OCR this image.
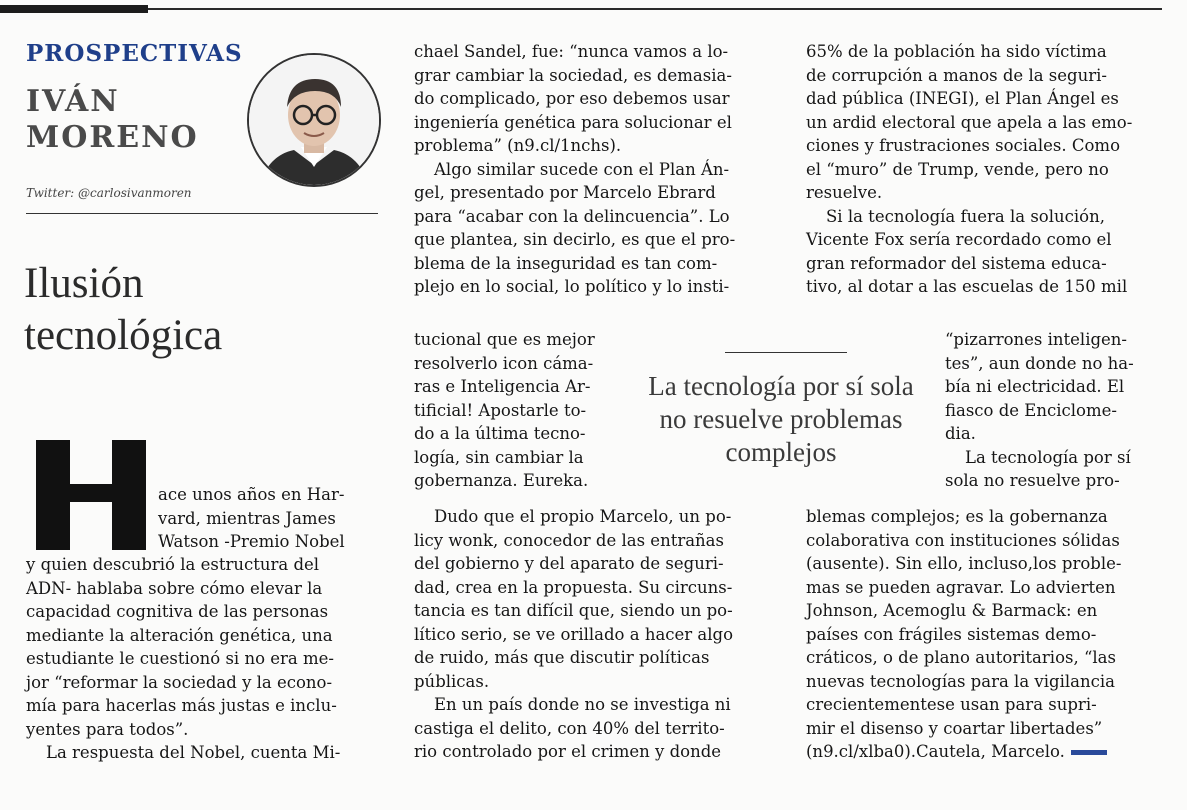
PROSPECTIVAS
IVÁN
MORENO
Twitter: @carlosivanmoren
Ilusión
tecnológica

ace unos años en Har-

vard, mientras James

Watson -Premio Nobel

y quien descubrió la estructura del

ADN- hablaba sobre cómo elevar la

capacidad cognitiva de las personas

mediante la alteración genética, una

estudiante le cuestionó si no era me-

jor “reformar la sociedad y la econo-

mía para hacerlas más justas e inclu-

yentes para todos”.

La respuesta del Nobel, cuenta Mi-

chael Sandel, fue: “nunca vamos a lo-

grar cambiar la sociedad, es demasia-

do complicado, por eso debemos usar

ingeniería genética para solucionar el

problema” (n9.cl/1nchs).

Algo similar sucede con el Plan Án-

gel, presentado por Marcelo Ebrard

para “acabar con la delincuencia”. Lo

que plantea, sin decirlo, es que el pro-

blema de la inseguridad es tan com-

plejo en lo social, lo político y lo insti-

tucional que es mejor

resolverlo icon cáma-

ras e Inteligencia Ar-

tificial! Apostarle to-

do a la última tecno-

logía, sin cambiar la

gobernanza. Eureka.

Dudo que el propio Marcelo, un po-

licy wonk, conocedor de las entrañas

del gobierno y del aparato de seguri-

dad, crea en la propuesta. Su circuns-

tancia es tan difícil que, siendo un po-

lítico serio, se ve orillado a hacer algo

de ruido, más que discutir políticas

públicas.

En un país donde no se investiga ni

castiga el delito, con 40% del territo-

rio controlado por el crimen y donde

La tecnología por sí sola
no resuelve problemas
complejos

65% de la población ha sido víctima

de corrupción a manos de la seguri-

dad pública (INEGI), el Plan Ángel es

un ardid electoral que apela a las emo-

ciones y frustraciones sociales. Como

el “muro” de Trump, vende, pero no

resuelve.

Si la tecnología fuera la solución,

Vicente Fox sería recordado como el

gran reformador del sistema educa-

tivo, al dotar a las escuelas de 150 mil

“pizarrones inteligen-

tes”, aun donde no ha-

bía ni electricidad. El

fiasco de Enciclome-

dia.

La tecnología por sí

sola no resuelve pro-

blemas complejos; es la gobernanza

colaborativa con instituciones sólidas

(ausente). Sin ello, incluso,los proble-

mas se pueden agravar. Lo advierten

Johnson, Acemoglu & Barmack: en

países con frágiles sistemas demo-

cráticos, o de plano autoritarios, “las

nuevas tecnologías para la vigilancia

crecientementese usan para supri-

mir el disenso y coartar libertades”

(n9.cl/xlba0).Cautela, Marcelo.
